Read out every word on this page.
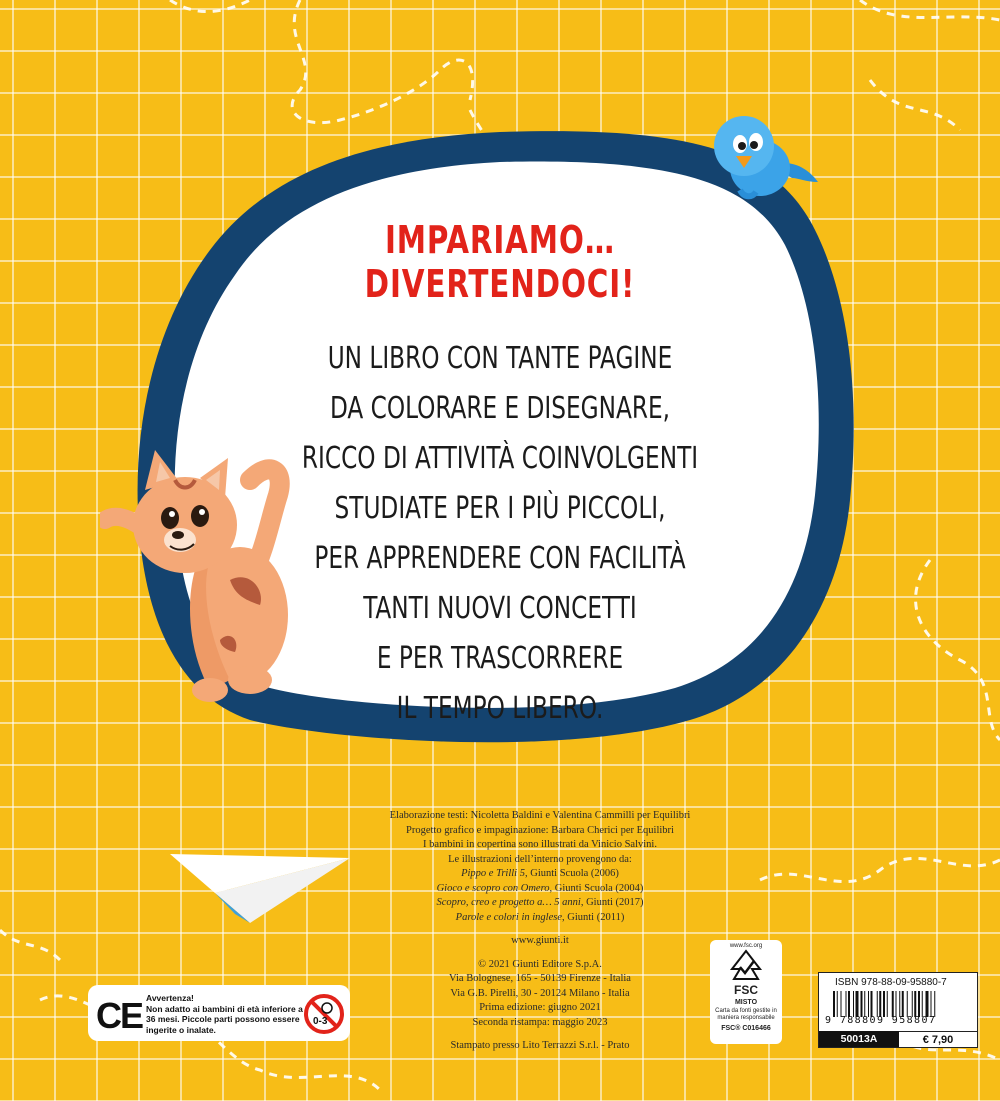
IMPARIAMO… DIVERTENDOCI!
UN LIBRO CON TANTE PAGINE
DA COLORARE E DISEGNARE,
RICCO DI ATTIVITÀ COINVOLGENTI
STUDIATE PER I PIÙ PICCOLI,
PER APPRENDERE CON FACILITÀ
TANTI NUOVI CONCETTI
E PER TRASCORRERE
IL TEMPO LIBERO.
Elaborazione testi: Nicoletta Baldini e Valentina Cammilli per Equilibri
Progetto grafico e impaginazione: Barbara Cherici per Equilibri
I bambini in copertina sono illustrati da Vinicio Salvini.
Le illustrazioni dell’interno provengono da:
Pippo e Trilli 5, Giunti Scuola (2006)
Gioco e scopro con Omero, Giunti Scuola (2004)
Scopro, creo e progetto a… 5 anni, Giunti (2017)
Parole e colori in inglese, Giunti (2011)
www.giunti.it
© 2021 Giunti Editore S.p.A.
Via Bolognese, 165 - 50139 Firenze - Italia
Via G.B. Pirelli, 30 - 20124 Milano - Italia
Prima edizione: giugno 2021
Seconda ristampa: maggio 2023
Stampato presso Lito Terrazzi S.r.l. - Prato
CE Avvertenza!
Non adatto ai bambini di età inferiore a 36 mesi. Piccole parti possono essere ingerite o inalate.
0-3
www.fsc.org
FSC
MISTO
Carta da fonti gestite in maniera responsabile
FSC® C016466
ISBN 978-88-09-95880-7
9 788809 958807
50013A	€ 7,90
